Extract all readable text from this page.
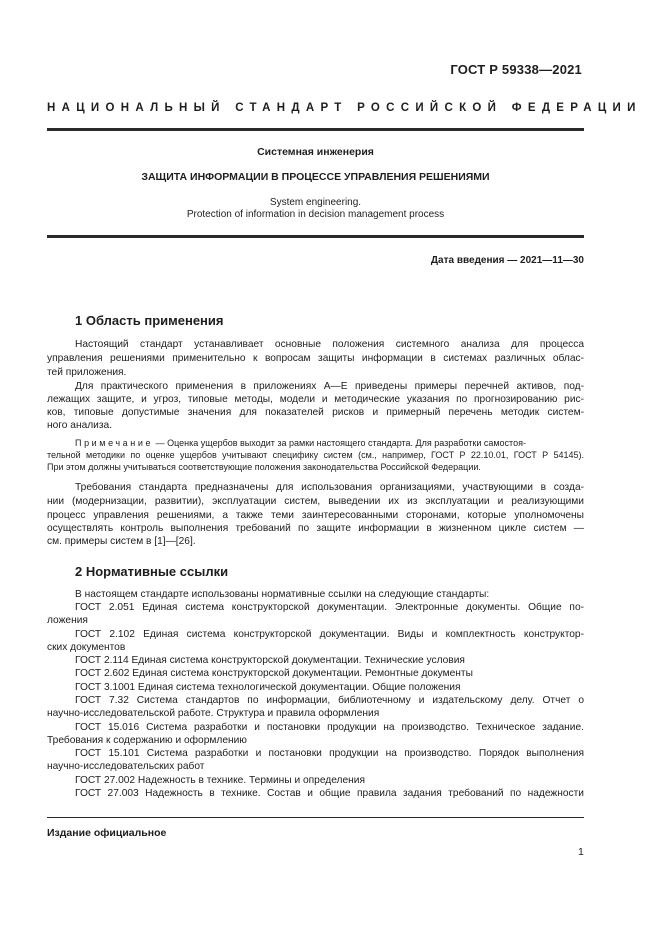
ГОСТ Р 59338—2021
НАЦИОНАЛЬНЫЙ СТАНДАРТ РОССИЙСКОЙ ФЕДЕРАЦИИ
Системная инженерия
ЗАЩИТА ИНФОРМАЦИИ В ПРОЦЕССЕ УПРАВЛЕНИЯ РЕШЕНИЯМИ
System engineering.
Protection of information in decision management process
Дата введения — 2021—11—30
1 Область применения
Настоящий стандарт устанавливает основные положения системного анализа для процесса
управления решениями применительно к вопросам защиты информации в системах различных облас-
тей приложения.
Для практического применения в приложениях А—Е приведены примеры перечней активов, под-
лежащих защите, и угроз, типовые методы, модели и методические указания по прогнозированию рис-
ков, типовые допустимые значения для показателей рисков и примерный перечень методик систем-
ного анализа.
Примечание — Оценка ущербов выходит за рамки настоящего стандарта. Для разработки самостоя-
тельной методики по оценке ущербов учитывают специфику систем (см., например, ГОСТ Р 22.10.01, ГОСТ Р 54145).
При этом должны учитываться соответствующие положения законодательства Российской Федерации.
Требования стандарта предназначены для использования организациями, участвующими в созда-
нии (модернизации, развитии), эксплуатации систем, выведении их из эксплуатации и реализующими
процесс управления решениями, а также теми заинтересованными сторонами, которые уполномочены
осуществлять контроль выполнения требований по защите информации в жизненном цикле систем —
см. примеры систем в [1]—[26].
2 Нормативные ссылки
В настоящем стандарте использованы нормативные ссылки на следующие стандарты:
ГОСТ 2.051 Единая система конструкторской документации. Электронные документы. Общие по-
ложения
ГОСТ 2.102 Единая система конструкторской документации. Виды и комплектность конструктор-
ских документов
ГОСТ 2.114 Единая система конструкторской документации. Технические условия
ГОСТ 2.602 Единая система конструкторской документации. Ремонтные документы
ГОСТ 3.1001 Единая система технологической документации. Общие положения
ГОСТ 7.32 Система стандартов по информации, библиотечному и издательскому делу. Отчет о
научно-исследовательской работе. Структура и правила оформления
ГОСТ 15.016 Система разработки и постановки продукции на производство. Техническое задание.
Требования к содержанию и оформлению
ГОСТ 15.101 Система разработки и постановки продукции на производство. Порядок выполнения
научно-исследовательских работ
ГОСТ 27.002 Надежность в технике. Термины и определения
ГОСТ 27.003 Надежность в технике. Состав и общие правила задания требований по надежности
Издание официальное
1
